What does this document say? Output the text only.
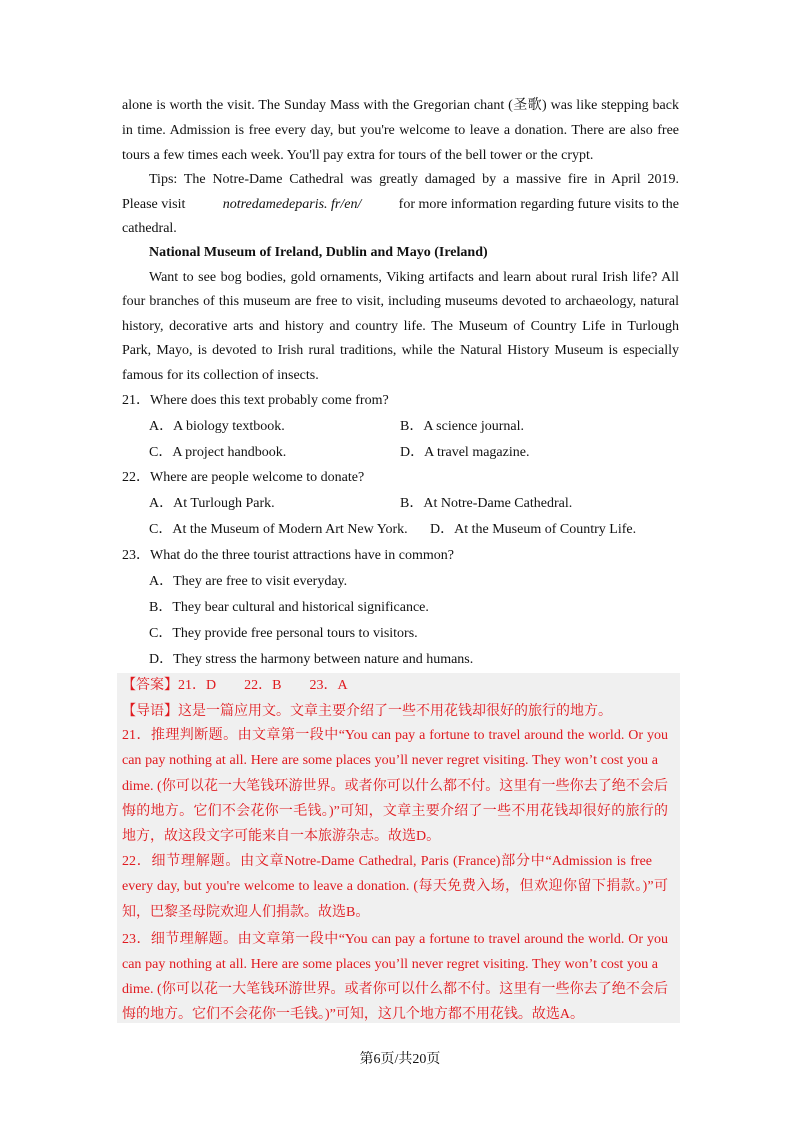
alone is worth the visit. The Sunday Mass with the Gregorian chant (圣歌) was like stepping back
in time. Admission is free every day, but you're welcome to leave a donation. There are also free
tours a few times each week. You'll pay extra for tours of the bell tower or the crypt.
Tips: The Notre-Dame Cathedral was greatly damaged by a massive fire in April 2019.
Please visit	notredamedeparis. fr/en/	for more information regarding future visits to the
cathedral.
National Museum of Ireland, Dublin and Mayo (Ireland)
Want to see bog bodies, gold ornaments, Viking artifacts and learn about rural Irish life? All
four branches of this museum are free to visit, including museums devoted to archaeology, natural
history, decorative arts and history and country life. The Museum of Country Life in Turlough
Park, Mayo, is devoted to Irish rural traditions, while the Natural History Museum is especially
famous for its collection of insects.
21．Where does this text probably come from?
A．A biology textbook.	B．A science journal.
C．A project handbook.	D．A travel magazine.
22．Where are people welcome to donate?
A．At Turlough Park.	B．At Notre-Dame Cathedral.
C．At the Museum of Modern Art New York. D．At the Museum of Country Life.
23．What do the three tourist attractions have in common?
A．They are free to visit everyday.
B．They bear cultural and historical significance.
C．They provide free personal tours to visitors.
D．They stress the harmony between nature and humans.
【答案】21．D　　22．B　　23．A
【导语】这是一篇应用文。文章主要介绍了一些不用花钱却很好的旅行的地方。
21．推理判断题。由文章第一段中“You can pay a fortune to travel around the world. Or you
can pay nothing at all. Here are some places you’ll never regret visiting. They won’t cost you a
dime. (你可以花一大笔钱环游世界。或者你可以什么都不付。这里有一些你去了绝不会后
悔的地方。它们不会花你一毛钱。)”可知，文章主要介绍了一些不用花钱却很好的旅行的
地方，故这段文字可能来自一本旅游杂志。故选D。
22．细节理解题。由文章Notre-Dame Cathedral, Paris (France)部分中“Admission is free
every day, but you're welcome to leave a donation. (每天免费入场，但欢迎你留下捐款。)”可
知，巴黎圣母院欢迎人们捐款。故选B。
23．细节理解题。由文章第一段中“You can pay a fortune to travel around the world. Or you
can pay nothing at all. Here are some places you’ll never regret visiting. They won’t cost you a
dime. (你可以花一大笔钱环游世界。或者你可以什么都不付。这里有一些你去了绝不会后
悔的地方。它们不会花你一毛钱。)”可知，这几个地方都不用花钱。故选A。
第6页/共20页
